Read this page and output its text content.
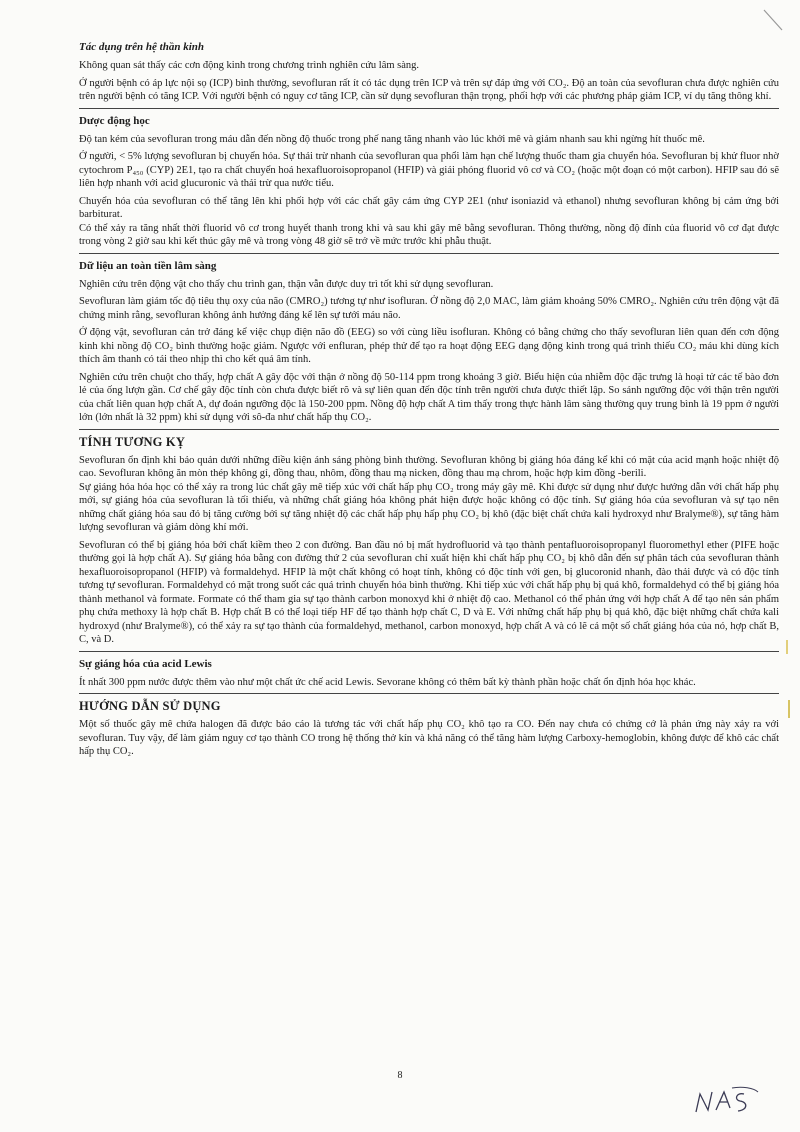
Tác dụng trên hệ thần kinh

Không quan sát thấy các cơn động kinh trong chương trình nghiên cứu lâm sàng.

Ở người bệnh có áp lực nội sọ (ICP) bình thường, sevofluran rất ít có tác dụng trên ICP và trên sự đáp ứng với CO₂. Độ an toàn của sevofluran chưa được nghiên cứu trên người bệnh có tăng ICP. Với người bệnh có nguy cơ tăng ICP, cần sử dụng sevofluran thận trọng, phối hợp với các phương pháp giảm ICP, ví dụ tăng thông khí.

Dược động học

Độ tan kém của sevofluran trong máu dẫn đến nồng độ thuốc trong phế nang tăng nhanh vào lúc khởi mê và giảm nhanh sau khi ngừng hít thuốc mê.

Ở người, < 5% lượng sevofluran bị chuyển hóa. Sự thải trừ nhanh của sevofluran qua phổi làm hạn chế lượng thuốc tham gia chuyển hóa. Sevofluran bị khử fluor nhờ cytochrom P₄₅₀ (CYP) 2E1, tạo ra chất chuyển hoá hexafluoroisopropanol (HFIP) và giải phóng fluorid vô cơ và CO₂ (hoặc một đoạn có một carbon). HFIP sau đó sẽ liên hợp nhanh với acid glucuronic và thải trừ qua nước tiểu.

Chuyển hóa của sevofluran có thể tăng lên khi phối hợp với các chất gây cảm ứng CYP 2E1 (như isoniazid và ethanol) nhưng sevofluran không bị cảm ứng bởi barbiturat.

Có thể xảy ra tăng nhất thời fluorid vô cơ trong huyết thanh trong khi và sau khi gây mê bằng sevofluran. Thông thường, nồng độ đỉnh của fluorid vô cơ đạt được trong vòng 2 giờ sau khi kết thúc gây mê và trong vòng 48 giờ sẽ trở về mức trước khi phẫu thuật.

Dữ liệu an toàn tiền lâm sàng

Nghiên cứu trên động vật cho thấy chu trình gan, thận vẫn được duy trì tốt khi sử dụng sevofluran.

Sevofluran làm giảm tốc độ tiêu thụ oxy của não (CMRO₂) tương tự như isofluran. Ở nồng độ 2,0 MAC, làm giảm khoảng 50% CMRO₂. Nghiên cứu trên động vật đã chứng minh rằng, sevofluran không ảnh hưởng đáng kể lên sự tưới máu não.

Ở động vật, sevofluran cản trở đáng kể việc chụp điện não đồ (EEG) so với cùng liều isofluran. Không có bằng chứng cho thấy sevofluran liên quan đến cơn động kinh khi nồng độ CO₂ bình thường hoặc giảm. Ngược với enfluran, phép thử để tạo ra hoạt động EEG dạng động kinh trong quá trình thiếu CO₂ máu khi dùng kích thích âm thanh có tái theo nhịp thì cho kết quả âm tính.

Nghiên cứu trên chuột cho thấy, hợp chất A gây độc với thận ở nồng độ 50-114 ppm trong khoảng 3 giờ. Biểu hiện của nhiễm độc đặc trưng là hoại tử các tế bào đơn lẻ của ống lượn gần. Cơ chế gây độc tính còn chưa được biết rõ và sự liên quan đến độc tính trên người chưa được thiết lập. So sánh ngưỡng độc với thận trên người của chất liên quan hợp chất A, dự đoán ngưỡng độc là 150-200 ppm. Nồng độ hợp chất A tìm thấy trong thực hành lâm sàng thường quy trung bình là 19 ppm ở người lớn (lớn nhất là 32 ppm) khi sử dụng với sô-đa như chất hấp thụ CO₂.

TÍNH TƯƠNG KỴ

Sevofluran ổn định khi bảo quản dưới những điều kiện ánh sáng phòng bình thường. Sevofluran không bị giáng hóa đáng kể khi có mặt của acid mạnh hoặc nhiệt độ cao. Sevofluran không ăn mòn thép không gỉ, đồng thau, nhôm, đồng thau mạ nicken, đồng thau mạ chrom, hoặc hợp kim đồng -berili.

Sự giáng hóa hóa học có thể xảy ra trong lúc chất gây mê tiếp xúc với chất hấp phụ CO₂ trong máy gây mê. Khi được sử dụng như được hướng dẫn với chất hấp phụ mới, sự giáng hóa của sevofluran là tối thiểu, và những chất giáng hóa không phát hiện được hoặc không có độc tính. Sự giáng hóa của sevofluran và sự tạo nên những chất giáng hóa sau đó bị tăng cường bởi sự tăng nhiệt độ các chất hấp phụ hấp phụ CO₂ bị khô (đặc biệt chất chứa kali hydroxyd như Bralyme®), sự tăng hàm lượng sevofluran và giảm dòng khí mới.

Sevofluran có thể bị giáng hóa bởi chất kiềm theo 2 con đường. Ban đầu nó bị mất hydrofluorid và tạo thành pentafluoroisopropanyl fluoromethyl ether (PIFE hoặc thường gọi là hợp chất A). Sự giáng hóa bằng con đường thứ 2 của sevofluran chỉ xuất hiện khi chất hấp phụ CO₂ bị khô dẫn đến sự phân tách của sevofluran thành hexafluoroisopropanol (HFIP) và formaldehyd. HFIP là một chất không có hoạt tính, không có độc tính với gen, bị glucoronid nhanh, đào thải được và có độc tính tương tự sevofluran. Formaldehyd có mặt trong suốt các quá trình chuyển hóa bình thường. Khi tiếp xúc với chất hấp phụ bị quá khô, formaldehyd có thể bị giáng hóa thành methanol và formate. Formate có thể tham gia sự tạo thành carbon monoxyd khi ở nhiệt độ cao. Methanol có thể phản ứng với hợp chất A để tạo nên sản phẩm phụ chứa methoxy là hợp chất B. Hợp chất B có thể loại tiếp HF để tạo thành hợp chất C, D và E. Với những chất hấp phụ bị quá khô, đặc biệt những chất chứa kali hydroxyd (như Bralyme®), có thể xảy ra sự tạo thành của formaldehyd, methanol, carbon monoxyd, hợp chất A và có lẽ cả một số chất giáng hóa của nó, hợp chất B, C, và D.

Sự giáng hóa của acid Lewis

Ít nhất 300 ppm nước được thêm vào như một chất ức chế acid Lewis. Sevorane không có thêm bất kỳ thành phần hoặc chất ổn định hóa học khác.

HƯỚNG DẪN SỬ DỤNG

Một số thuốc gây mê chứa halogen đã được báo cáo là tương tác với chất hấp phụ CO₂ khô tạo ra CO. Đến nay chưa có chứng cớ là phản ứng này xảy ra với sevofluran. Tuy vậy, để làm giảm nguy cơ tạo thành CO trong hệ thống thở kín và khả năng có thể tăng hàm lượng Carboxy-hemoglobin, không được để khô các chất hấp thụ CO₂.

8
